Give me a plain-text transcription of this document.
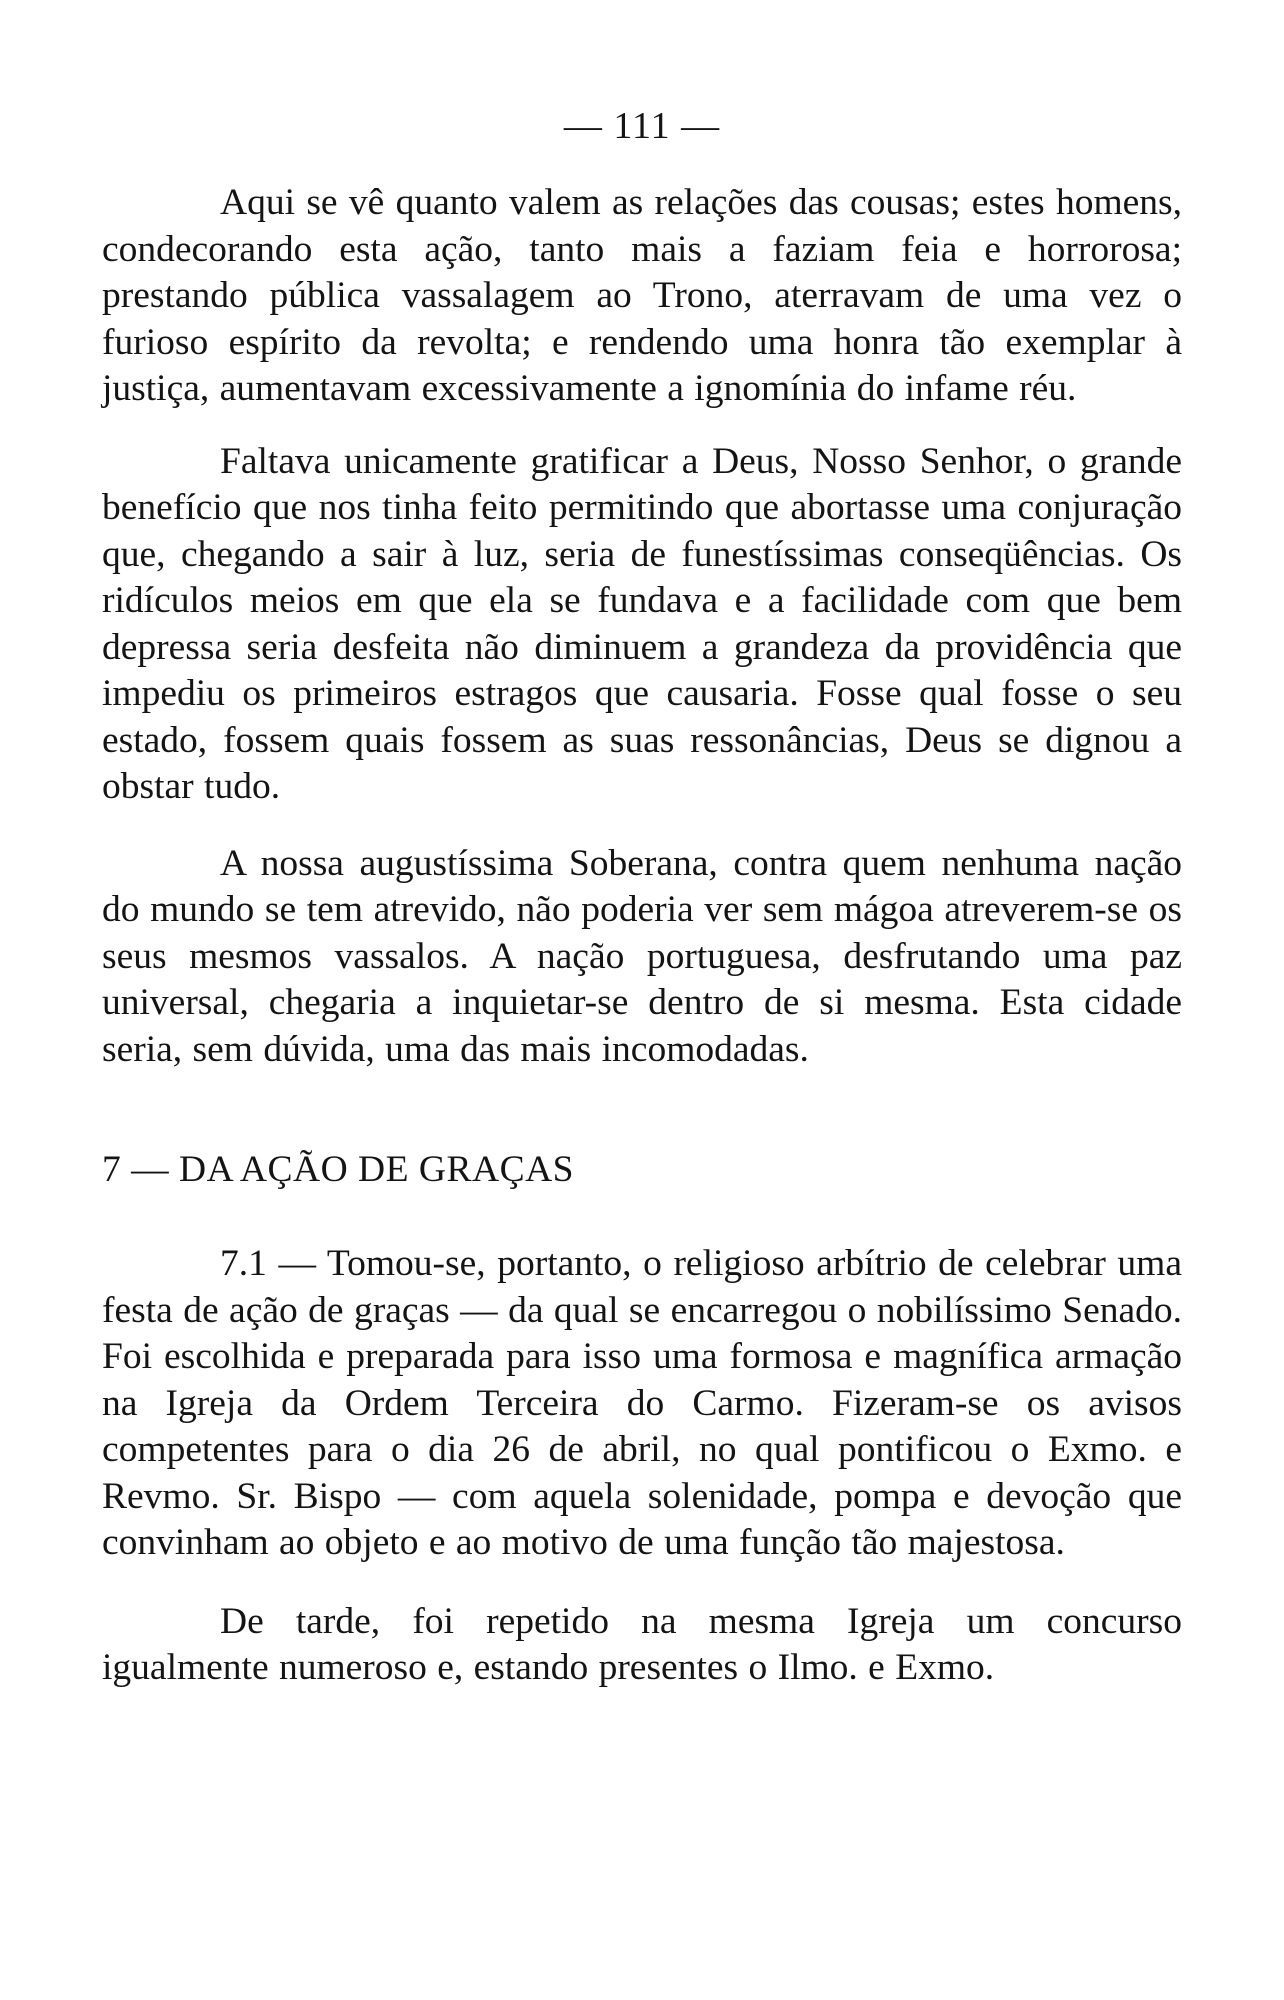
— 111 —

Aqui se vê quanto valem as relações das cousas; estes homens, condecorando esta ação, tanto mais a faziam feia e horrorosa; prestando pública vassalagem ao Trono, aterravam de uma vez o furioso espírito da revolta; e rendendo uma honra tão exemplar à justiça, aumentavam excessivamente a ignomínia do infame réu.

Faltava unicamente gratificar a Deus, Nosso Senhor, o grande benefício que nos tinha feito permitindo que abortasse uma conjuração que, chegando a sair à luz, seria de funestíssimas conseqüências. Os ridículos meios em que ela se fundava e a facilidade com que bem depressa seria desfeita não diminuem a grandeza da providência que impediu os primeiros estragos que causaria. Fosse qual fosse o seu estado, fossem quais fossem as suas ressonâncias, Deus se dignou a obstar tudo.

A nossa augustíssima Soberana, contra quem nenhuma nação do mundo se tem atrevido, não poderia ver sem mágoa atreverem-se os seus mesmos vassalos. A nação portuguesa, desfrutando uma paz universal, chegaria a inquietar-se dentro de si mesma. Esta cidade seria, sem dúvida, uma das mais incomodadas.

7 — DA AÇÃO DE GRAÇAS

7.1 — Tomou-se, portanto, o religioso arbítrio de celebrar uma festa de ação de graças — da qual se encarregou o nobilíssimo Senado. Foi escolhida e preparada para isso uma formosa e magnífica armação na Igreja da Ordem Terceira do Carmo. Fizeram-se os avisos competentes para o dia 26 de abril, no qual pontificou o Exmo. e Revmo. Sr. Bispo — com aquela solenidade, pompa e devoção que convinham ao objeto e ao motivo de uma função tão majestosa.

De tarde, foi repetido na mesma Igreja um concurso igualmente numeroso e, estando presentes o Ilmo. e Exmo.
